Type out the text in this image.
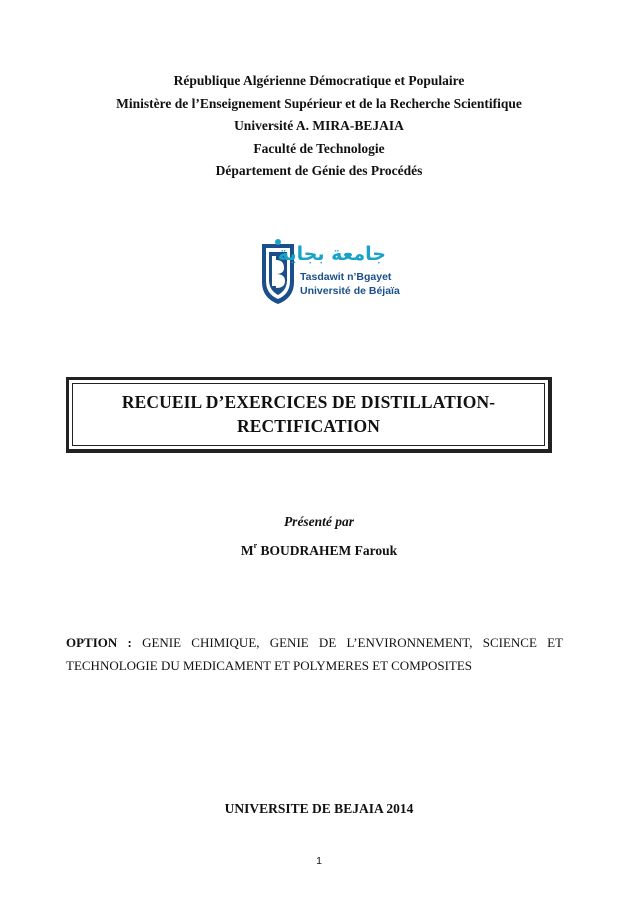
République Algérienne Démocratique et Populaire
Ministère de l’Enseignement Supérieur et de la Recherche Scientifique
Université A. MIRA-BEJAIA
Faculté de Technologie
Département de Génie des Procédés
جامعة بجاية
Tasdawit n’Bgayet
Université de Béjaïa
RECUEIL D’EXERCICES DE DISTILLATION-
RECTIFICATION
Présenté par
$M^r$ BOUDRAHEM Farouk
OPTION : GENIE CHIMIQUE, GENIE DE L’ENVIRONNEMENT, SCIENCE ET TECHNOLOGIE DU MEDICAMENT ET POLYMERES ET COMPOSITES
UNIVERSITE DE BEJAIA 2014
1
